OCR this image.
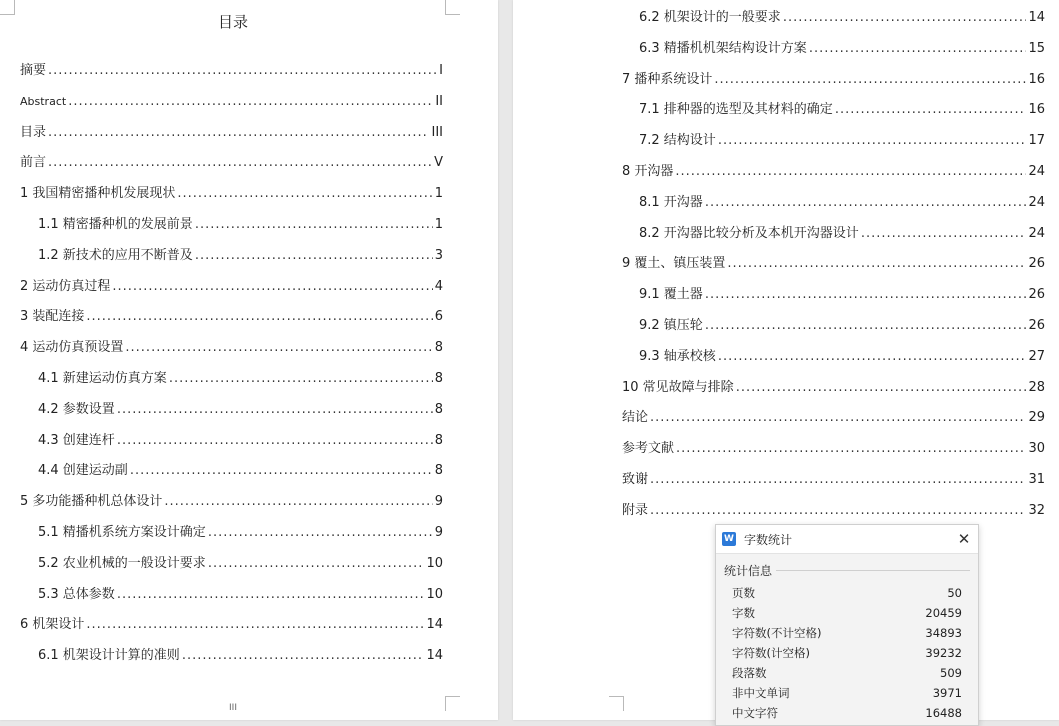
目录
摘要 .....	I
Abstract .....	II
目录 .....	III
前言 .....	V
1 我国精密播种机发展现状 .....	1
1.1 精密播种机的发展前景 .....	1
1.2 新技术的应用不断普及 .....	3
2 运动仿真过程 .....	4
3 装配连接 .....	6
4 运动仿真预设置 .....	8
4.1 新建运动仿真方案 .....	8
4.2 参数设置 .....	8
4.3 创建连杆 .....	8
4.4 创建运动副 .....	8
5 多功能播种机总体设计 .....	9
5.1 精播机系统方案设计确定 .....	9
5.2 农业机械的一般设计要求 .....	10
5.3 总体参数 .....	10
6 机架设计 .....	14
6.1 机架设计计算的准则 .....	14
III
6.2 机架设计的一般要求 .....	14
6.3 精播机机架结构设计方案 .....	15
7 播种系统设计 .....	16
7.1 排种器的选型及其材料的确定 .....	16
7.2 结构设计 .....	17
8 开沟器 .....	24
8.1 开沟器 .....	24
8.2 开沟器比较分析及本机开沟器设计 .....	24
9 覆土、镇压装置 .....	26
9.1 覆土器 .....	26
9.2 镇压轮 .....	26
9.3 轴承校核 .....	27
10 常见故障与排除 .....	28
结论 .....	29
参考文献 .....	30
致谢 .....	31
附录 .....	32
W 字数统计	✕
统计信息
页数	50
字数	20459
字符数(不计空格)	34893
字符数(计空格)	39232
段落数	509
非中文单词	3971
中文字符	16488
